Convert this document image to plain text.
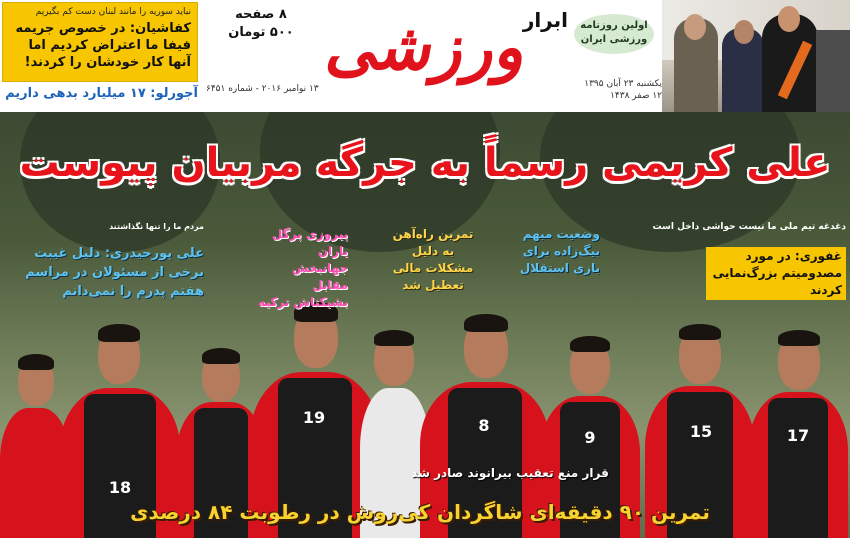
نباید سوریه را مانند لبنان دست کم بگیریم
کفاشیان: در خصوص جریمه فیفا ما اعتراض کردیم اما آنها کار خودشان را کردند!
آجورلو: ۱۷ میلیارد بدهی داریم
۸ صفحه
۵۰۰ تومان
ابرار
ورزشی
۱۳ نوامبر ۲۰۱۶ - شماره ۶۴۵۱	یکشنبه ۲۳ آبان ۱۳۹۵ ۱۲ صفر ۱۴۳۸
اولین روزنامه
ورزشی ایران
18
19	8
9	15	17
علی کریمی رسماً به جرگه مربیان پیوست
مردم ما را تنها نگذاشتند
علی پورحیدری: دلیل غیبت برخی از مسئولان در مراسم هفتم پدرم را نمی‌دانم
پیروزی پرگل یاران جهانبخش مقابل بشیکتاش ترکیه
تمرین راه‌آهن به دلیل مشکلات مالی تعطیل شد
وضعیت مبهم بیگ‌زاده برای بازی استقلال
دغدغه تیم ملی ما نیست حواشی داخل است
غفوری: در مورد مصدومیتم بزرگ‌نمایی کردند
قرار منع تعقیب بیرانوند صادر شد
تمرین ۹۰ دقیقه‌ای شاگردان کی‌روش در رطوبت ۸۴ درصدی
